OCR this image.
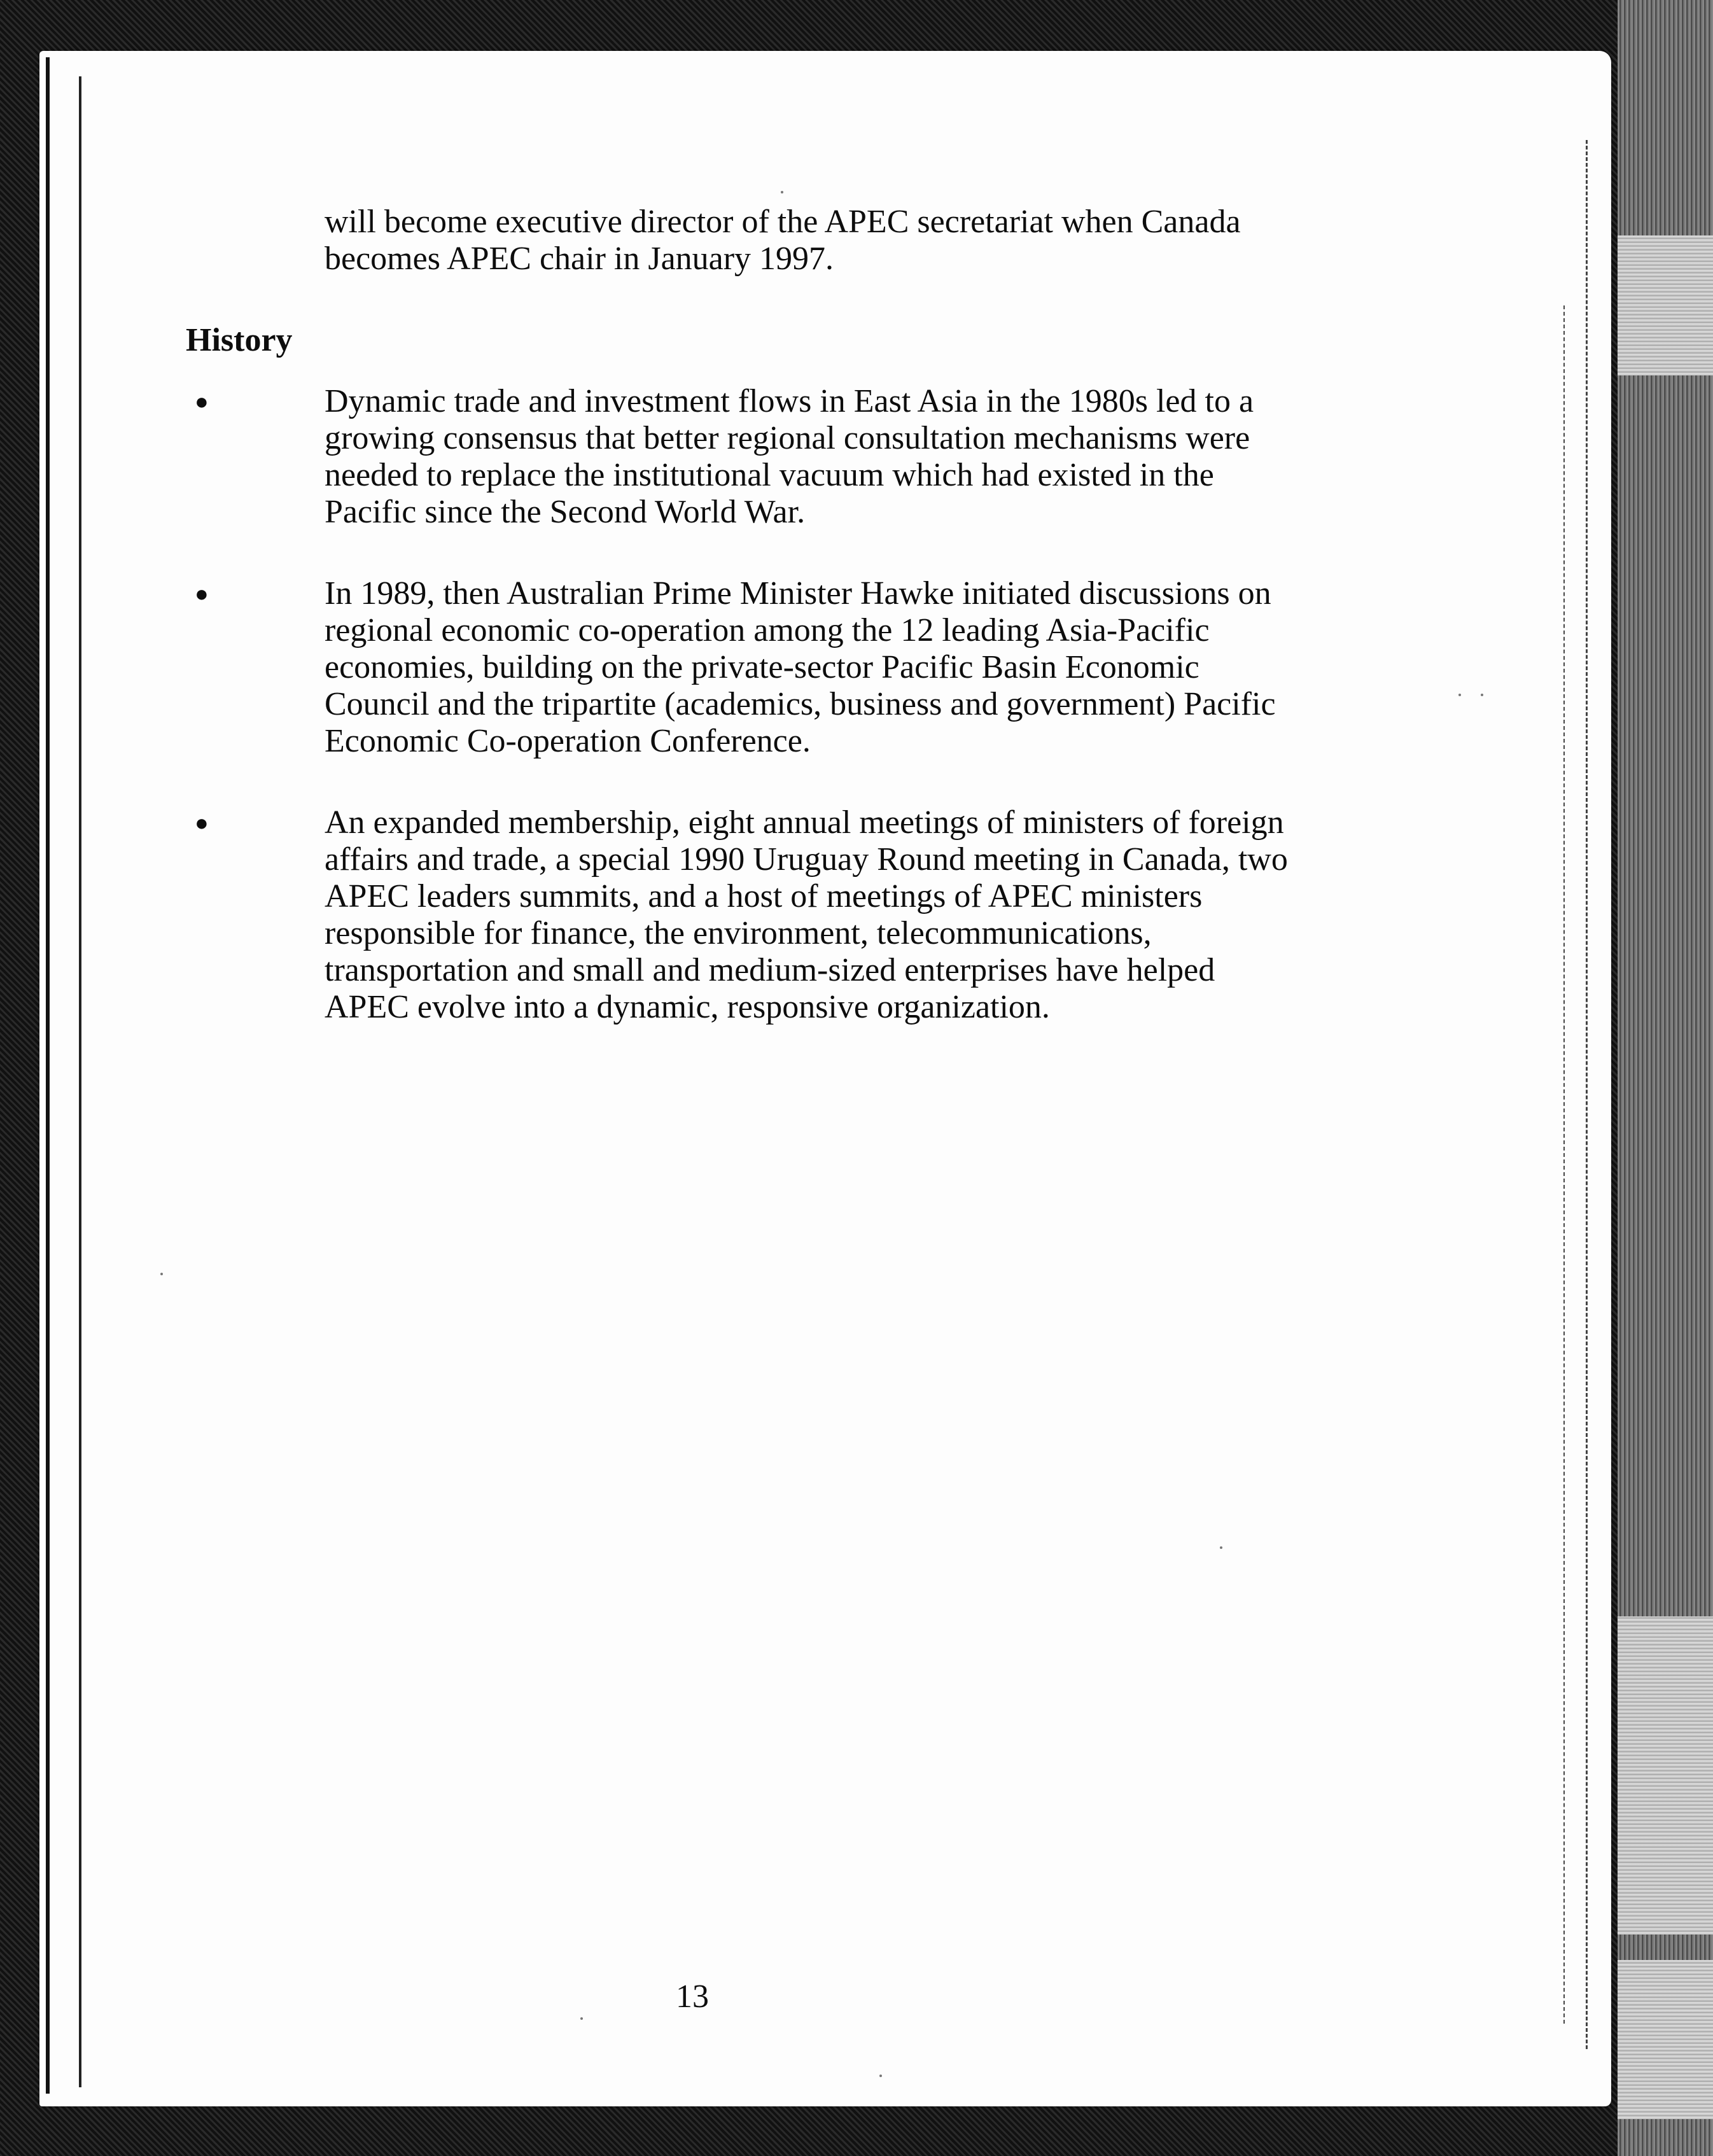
will become executive director of the APEC secretariat when Canada becomes APEC chair in January 1997.

History
●	Dynamic trade and investment flows in East Asia in the 1980s led to a growing consensus that better regional consultation mechanisms were needed to replace the institutional vacuum which had existed in the Pacific since the Second World War.

●	In 1989, then Australian Prime Minister Hawke initiated discussions on regional economic co-operation among the 12 leading Asia-Pacific economies, building on the private-sector Pacific Basin Economic Council and the tripartite (academics, business and government) Pacific Economic Co-operation Conference.

●	An expanded membership, eight annual meetings of ministers of foreign affairs and trade, a special 1990 Uruguay Round meeting in Canada, two APEC leaders summits, and a host of meetings of APEC ministers responsible for finance, the environment, telecommunications, transportation and small and medium-sized enterprises have helped APEC evolve into a dynamic, responsive organization.

13
